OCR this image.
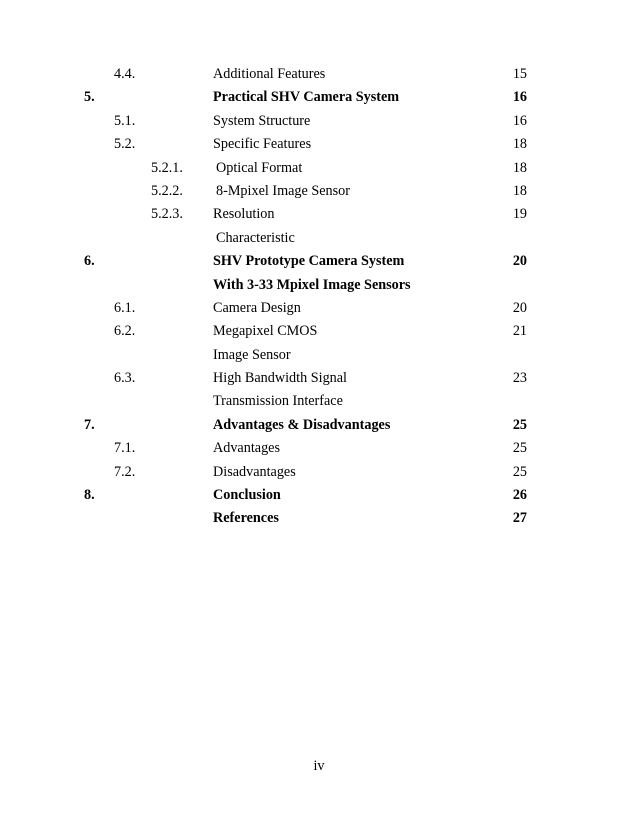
4.4.	Additional Features	15
5.	Practical SHV Camera System	16
5.1.	System Structure	16
5.2.	Specific Features	18
5.2.1. Optical Format	18
5.2.2. 8-Mpixel Image Sensor	18
5.2.3. Resolution	19
Characteristic
6.	SHV Prototype Camera System	20
With 3-33 Mpixel Image Sensors
6.1.	Camera Design	20
6.2.	Megapixel CMOS	21
Image Sensor
6.3.	High Bandwidth Signal	23
Transmission Interface
7.	Advantages & Disadvantages	25
7.1.	Advantages	25
7.2.	Disadvantages	25
8.	Conclusion	26
References	27
iv
